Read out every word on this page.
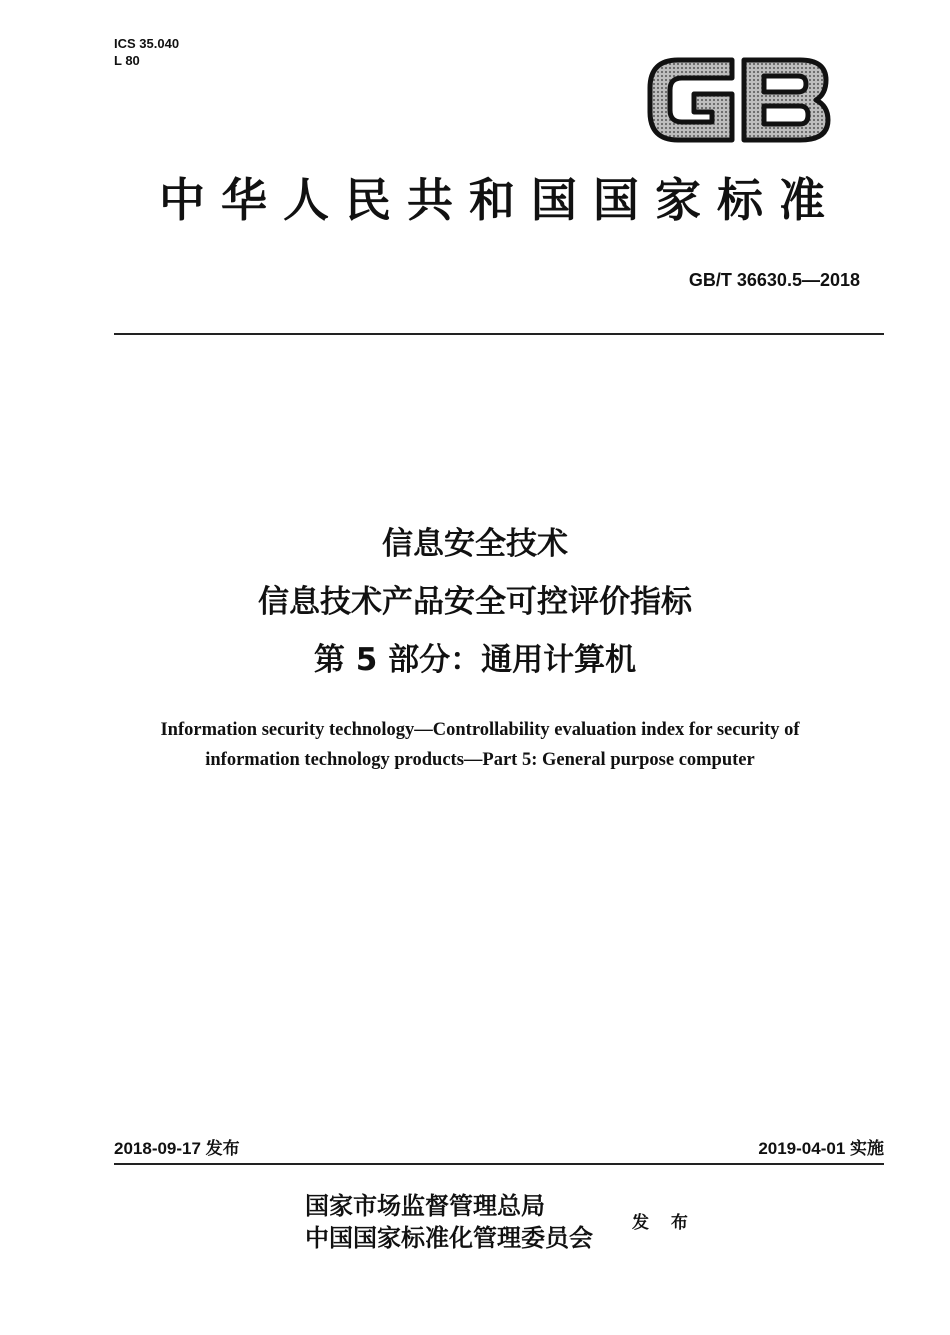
ICS 35.040
L 80
中华人民共和国国家标准
GB/T 36630.5—2018
信息安全技术
信息技术产品安全可控评价指标
第 5 部分：通用计算机
Information security technology—Controllability evaluation index for security of
information technology products—Part 5: General purpose computer
2018-09-17 发布	2019-04-01 实施
国家市场监督管理总局
中国国家标准化管理委员会 发 布
